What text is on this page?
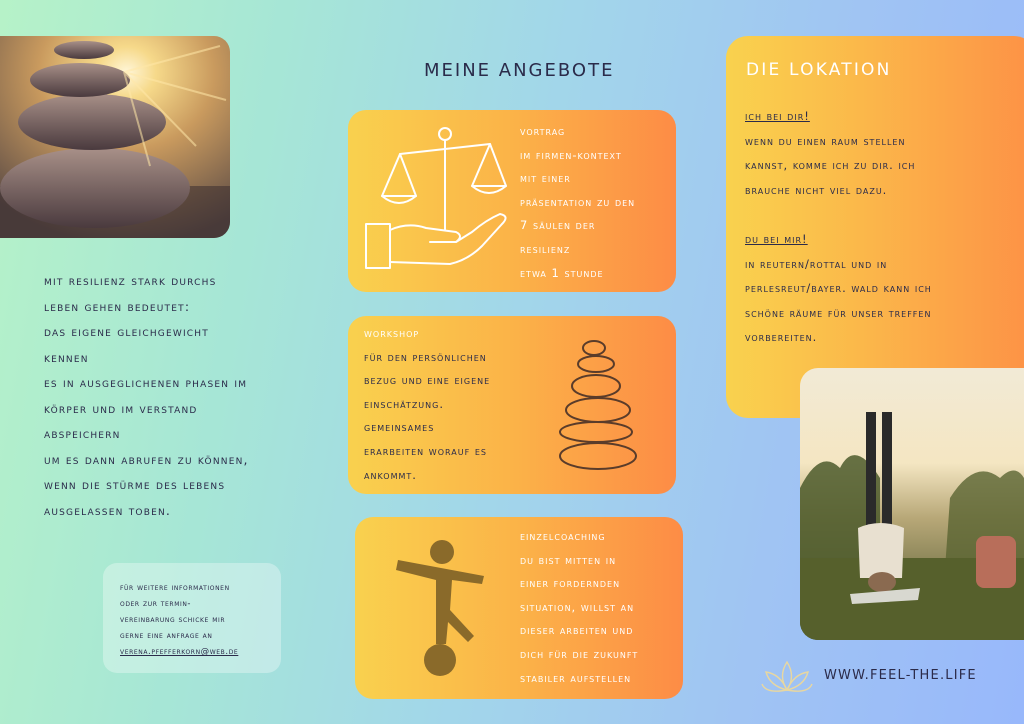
mit resilienz stark durchs
leben gehen bedeutet:
das eigene gleichgewicht
kennen
es in ausgeglichenen phasen im
körper und im verstand
abspeichern
um es dann abrufen zu können,
wenn die stürme des lebens
ausgelassen toben.
für weitere informationen
oder zur termin-
vereinbarung schicke mir
gerne eine anfrage an
verena.pfefferkorn@web.de
MEINE ANGEBOTE
vortrag
im firmen-kontext
mit einer
präsentation zu den
7 säulen der
resilienz
etwa 1 stunde
workshop
für den persönlichen
bezug und eine eigene
einschätzung.
gemeinsames
erarbeiten worauf es
ankommt.
einzelcoaching
du bist mitten in
einer fordernden
situation, willst an
dieser arbeiten und
dich für die zukunft
stabiler aufstellen
DIE LOKATION
ich bei dir!
wenn du einen raum stellen
kannst, komme ich zu dir. ich
brauche nicht viel dazu.
du bei mir!
in reutern/rottal und in
perlesreut/bayer. wald kann ich
schöne räume für unser treffen
vorbereiten.
WWW.FEEL-THE.LIFE
